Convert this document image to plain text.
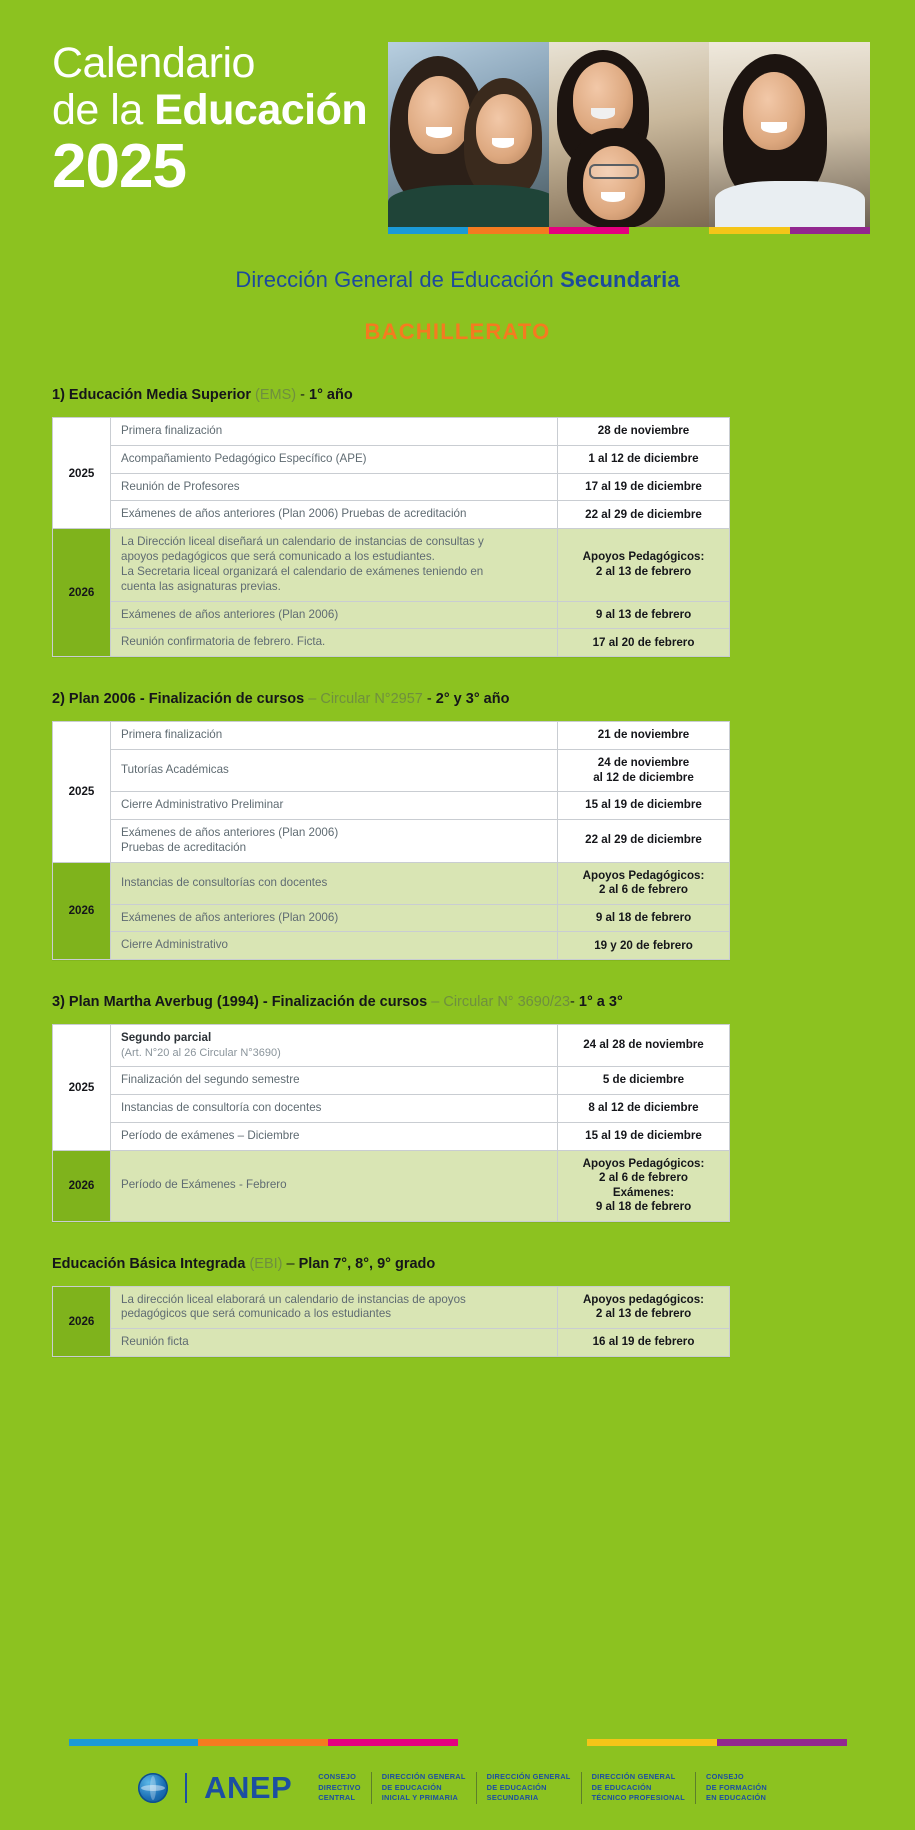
Calendario
de la Educación
2025
Dirección General de Educación Secundaria
BACHILLERATO
1) Educación Media Superior (EMS) - 1° año
2025	Primera finalización	28 de noviembre
	Acompañamiento Pedagógico Específico (APE)	1 al 12 de diciembre
	Reunión de Profesores	17 al 19 de diciembre
	Exámenes de años anteriores (Plan 2006) Pruebas de acreditación	22 al 29 de diciembre
2026	La Dirección liceal diseñará un calendario de instancias de consultas y
apoyos pedagógicos que será comunicado a los estudiantes.
La Secretaria liceal organizará el calendario de exámenes teniendo en
cuenta las asignaturas previas.	Apoyos Pedagógicos:
2 al 13 de febrero

	Exámenes de años anteriores (Plan 2006)	9 al 13 de febrero
	Reunión confirmatoria de febrero. Ficta.	17 al 20 de febrero
2) Plan 2006 - Finalización de cursos – Circular N°2957 - 2° y 3° año
2025	Primera finalización	21 de noviembre
	Tutorías Académicas	24 de noviembre
al 12 de diciembre

	Cierre Administrativo Preliminar	15 al 19 de diciembre

	Exámenes de años anteriores (Plan 2006)
Pruebas de acreditación	22 al 29 de diciembre
2026	Instancias de consultorías con docentes	Apoyos Pedagógicos:
2 al 6 de febrero

	Exámenes de años anteriores (Plan 2006)	9 al 18 de febrero
	Cierre Administrativo	19 y 20 de febrero
3) Plan Martha Averbug (1994) - Finalización de cursos – Circular N° 3690/23- 1° a 3°
2025	Segundo parcial
(Art. N°20 al 26 Circular N°3690)	24 al 28 de noviembre
	Finalización del segundo semestre	5 de diciembre
	Instancias de consultoría con docentes	8 al 12 de diciembre
	Período de exámenes – Diciembre	15 al 19 de diciembre
2026	Período de Exámenes - Febrero	Apoyos Pedagógicos:
2 al 6 de febrero
Exámenes:
9 al 18 de febrero
Educación Básica Integrada (EBI) – Plan 7°, 8°, 9° grado
2026	La dirección liceal elaborará un calendario de instancias de apoyos
pedagógicos que será comunicado a los estudiantes	Apoyos pedagógicos:
2 al 13 de febrero

	Reunión ficta	16 al 19 de febrero
ANEP	CONSEJO
DIRECTIVO
CENTRAL
DIRECCIÓN GENERAL
DE EDUCACIÓN
INICIAL Y PRIMARIA
DIRECCIÓN GENERAL
DE EDUCACIÓN
SECUNDARIA
DIRECCIÓN GENERAL
DE EDUCACIÓN
TÉCNICO PROFESIONAL
CONSEJO
DE FORMACIÓN
EN EDUCACIÓN
